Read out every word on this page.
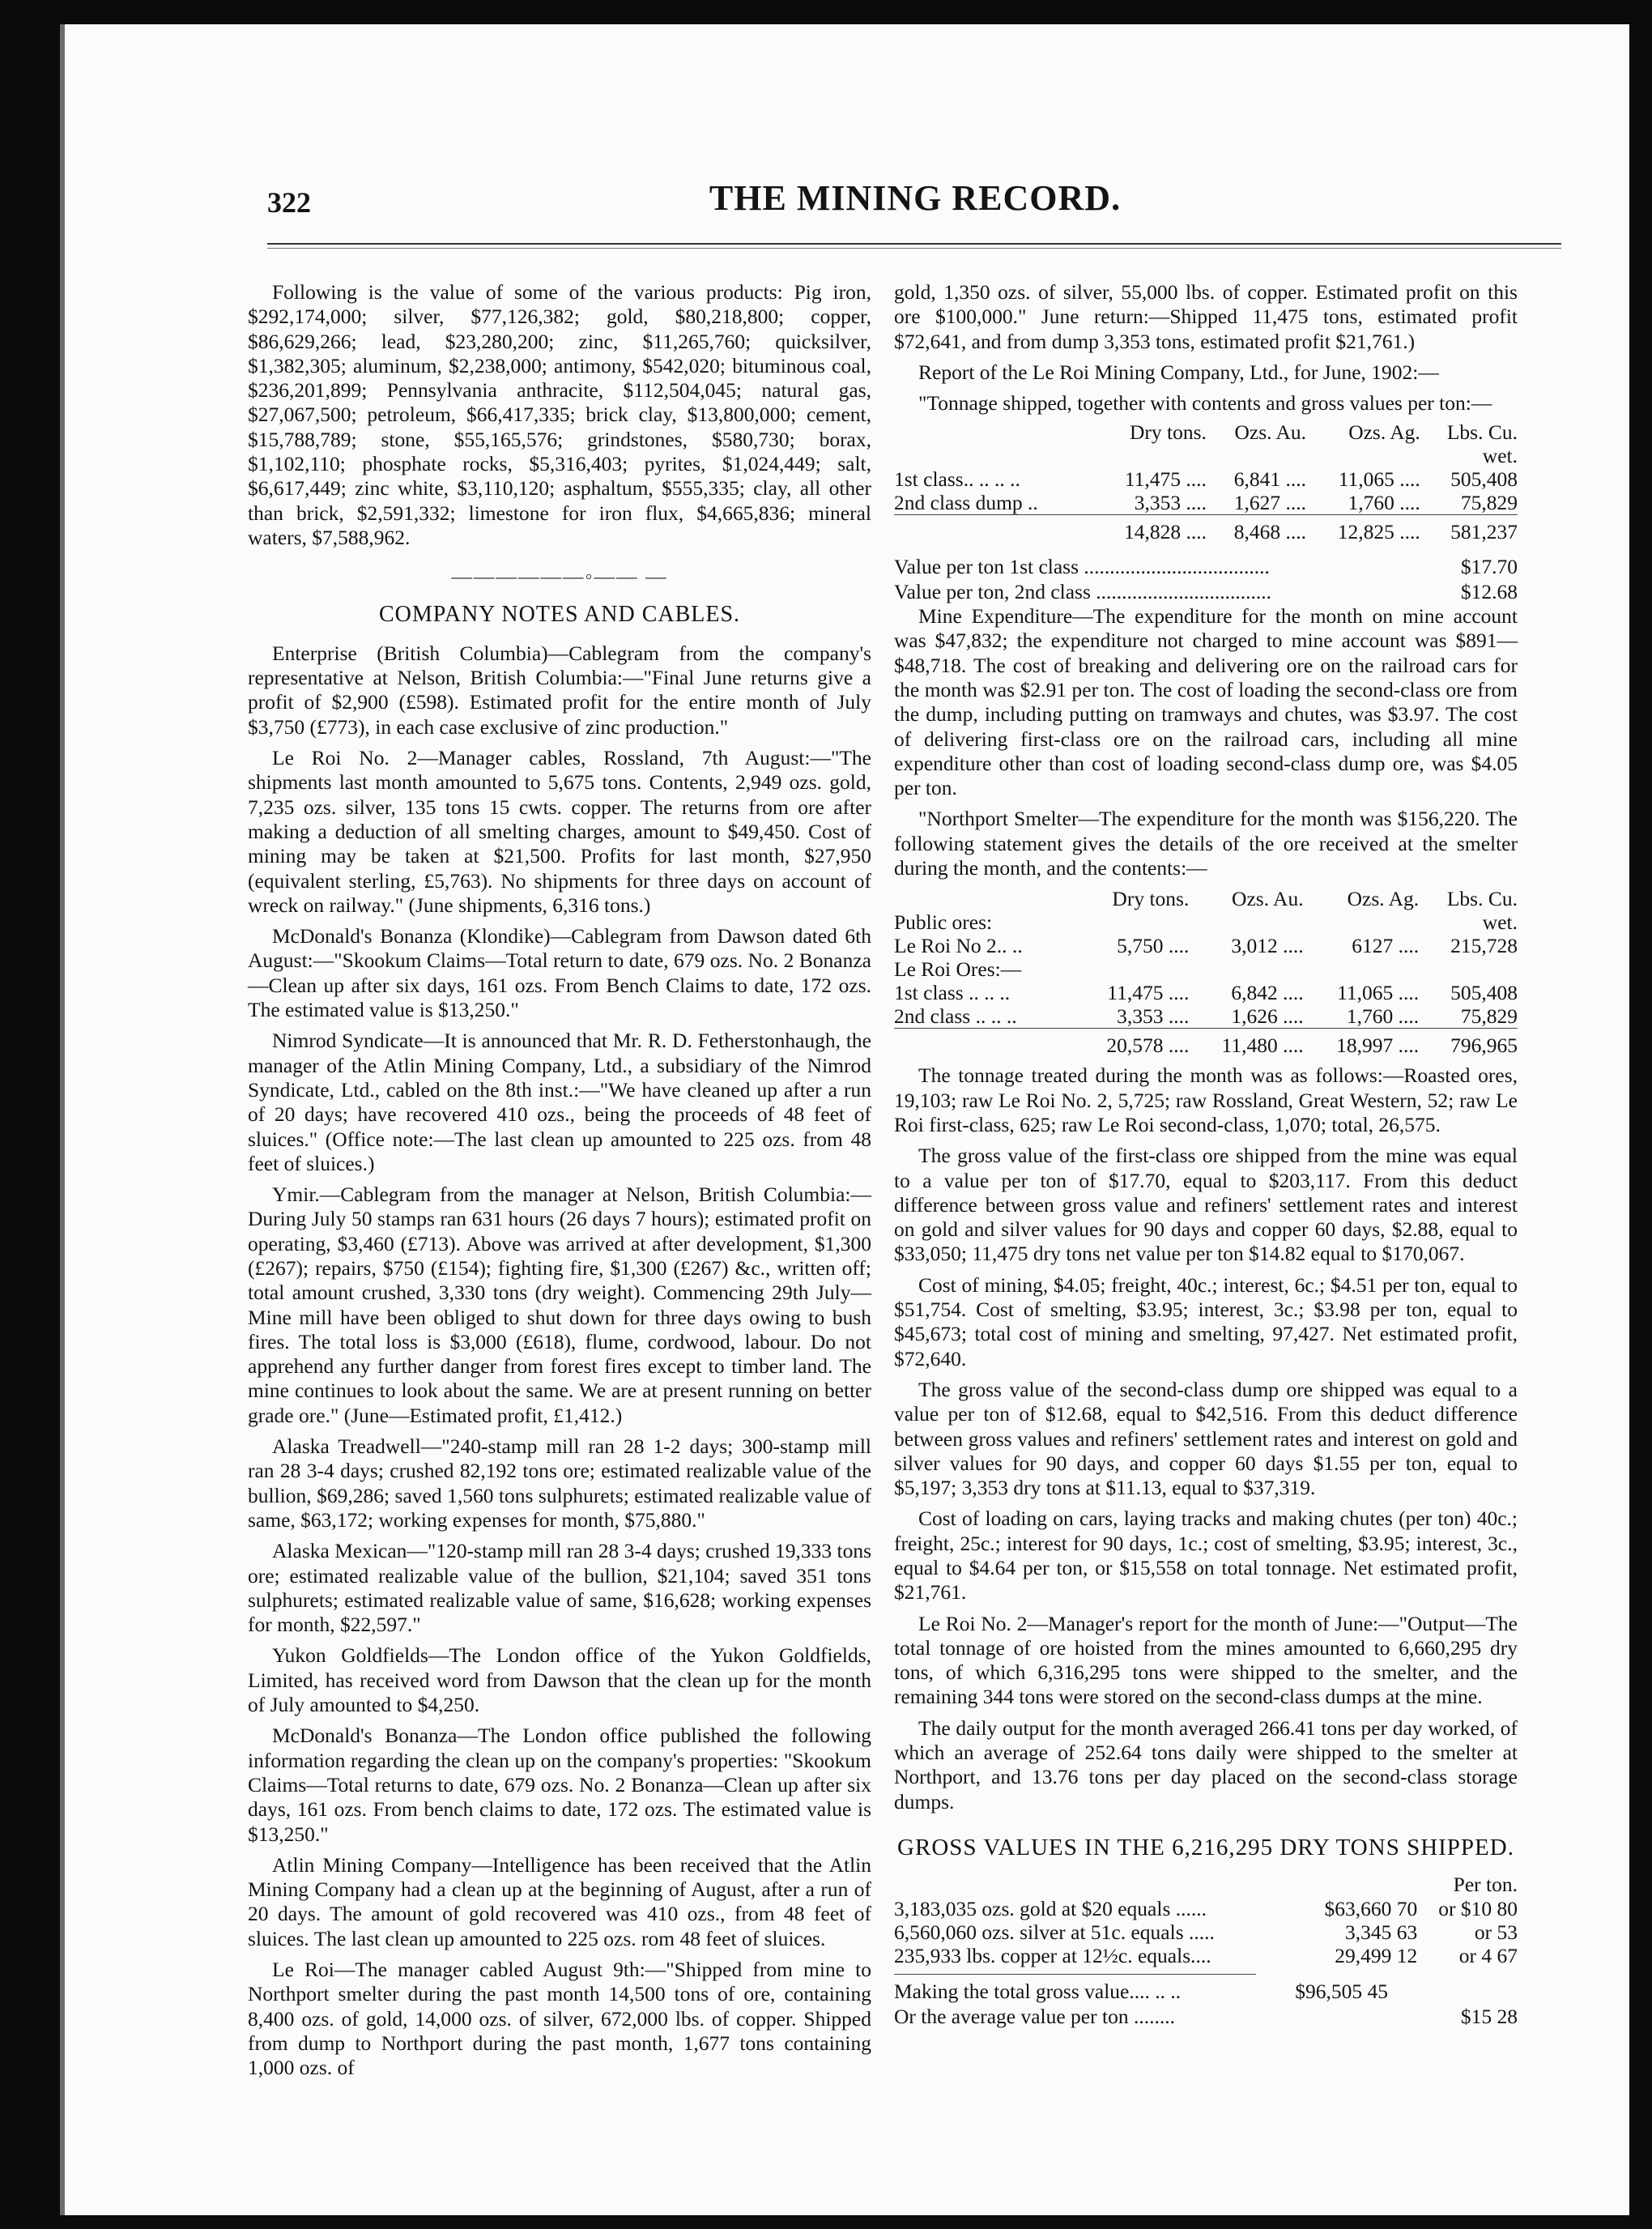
322	THE MINING RECORD.

Following is the value of some of the various products: Pig iron, $292,174,000; silver, $77,126,382; gold, $80,218,800; copper, $86,629,266; lead, $23,280,200; zinc, $11,265,760; quicksilver, $1,382,305; aluminum, $2,238,000; antimony, $542,020; bituminous coal, $236,201,899; Pennsylvania anthracite, $112,504,045; natural gas, $27,067,500; petroleum, $66,417,335; brick clay, $13,800,000; cement, $15,788,789; stone, $55,165,576; grindstones, $580,730; borax, $1,102,110; phosphate rocks, $5,316,403; pyrites, $1,024,449; salt, $6,617,449; zinc white, $3,110,120; asphaltum, $555,335; clay, all other than brick, $2,591,332; limestone for iron flux, $4,665,836; mineral waters, $7,588,962.

——————◦—— —
COMPANY NOTES AND CABLES.

Enterprise (British Columbia)—Cablegram from the company's representative at Nelson, British Columbia:—"Final June returns give a profit of $2,900 (£598). Estimated profit for the entire month of July $3,750 (£773), in each case exclusive of zinc production."

Le Roi No. 2—Manager cables, Rossland, 7th August:—"The shipments last month amounted to 5,675 tons. Contents, 2,949 ozs. gold, 7,235 ozs. silver, 135 tons 15 cwts. copper. The returns from ore after making a deduction of all smelting charges, amount to $49,450. Cost of mining may be taken at $21,500. Profits for last month, $27,950 (equivalent sterling, £5,763). No shipments for three days on account of wreck on railway." (June shipments, 6,316 tons.)

McDonald's Bonanza (Klondike)—Cablegram from Dawson dated 6th August:—"Skookum Claims—Total return to date, 679 ozs. No. 2 Bonanza—Clean up after six days, 161 ozs. From Bench Claims to date, 172 ozs. The estimated value is $13,250."

Nimrod Syndicate—It is announced that Mr. R. D. Fetherstonhaugh, the manager of the Atlin Mining Company, Ltd., a subsidiary of the Nimrod Syndicate, Ltd., cabled on the 8th inst.:—"We have cleaned up after a run of 20 days; have recovered 410 ozs., being the proceeds of 48 feet of sluices." (Office note:—The last clean up amounted to 225 ozs. from 48 feet of sluices.)

Ymir.—Cablegram from the manager at Nelson, British Columbia:—During July 50 stamps ran 631 hours (26 days 7 hours); estimated profit on operating, $3,460 (£713). Above was arrived at after development, $1,300 (£267); repairs, $750 (£154); fighting fire, $1,300 (£267) &c., written off; total amount crushed, 3,330 tons (dry weight). Commencing 29th July—Mine mill have been obliged to shut down for three days owing to bush fires. The total loss is $3,000 (£618), flume, cordwood, labour. Do not apprehend any further danger from forest fires except to timber land. The mine continues to look about the same. We are at present running on better grade ore." (June—Estimated profit, £1,412.)

Alaska Treadwell—"240-stamp mill ran 28 1-2 days; 300-stamp mill ran 28 3-4 days; crushed 82,192 tons ore; estimated realizable value of the bullion, $69,286; saved 1,560 tons sulphurets; estimated realizable value of same, $63,172; working expenses for month, $75,880."

Alaska Mexican—"120-stamp mill ran 28 3-4 days; crushed 19,333 tons ore; estimated realizable value of the bullion, $21,104; saved 351 tons sulphurets; estimated realizable value of same, $16,628; working expenses for month, $22,597."

Yukon Goldfields—The London office of the Yukon Goldfields, Limited, has received word from Dawson that the clean up for the month of July amounted to $4,250.

McDonald's Bonanza—The London office published the following information regarding the clean up on the company's properties: "Skookum Claims—Total returns to date, 679 ozs. No. 2 Bonanza—Clean up after six days, 161 ozs. From bench claims to date, 172 ozs. The estimated value is $13,250."

Atlin Mining Company—Intelligence has been received that the Atlin Mining Company had a clean up at the beginning of August, after a run of 20 days. The amount of gold recovered was 410 ozs., from 48 feet of sluices. The last clean up amounted to 225 ozs. rom 48 feet of sluices.

Le Roi—The manager cabled August 9th:—"Shipped from mine to Northport smelter during the past month 14,500 tons of ore, containing 8,400 ozs. of gold, 14,000 ozs. of silver, 672,000 lbs. of copper. Shipped from dump to Northport during the past month, 1,677 tons containing 1,000 ozs. of

gold, 1,350 ozs. of silver, 55,000 lbs. of copper. Estimated profit on this ore $100,000." June return:—Shipped 11,475 tons, estimated profit $72,641, and from dump 3,353 tons, estimated profit $21,761.)

Report of the Le Roi Mining Company, Ltd., for June, 1902:—

"Tonnage shipped, together with contents and gross values per ton:—

	Dry tons.	Ozs. Au.	Ozs. Ag.	Lbs. Cu.
				wet.
1st class.. .. .. ..	11,475 ....	6,841 ....	11,065 ....	505,408
2nd class dump ..	3,353 ....	1,627 ....	1,760 ....	75,829

	14,828 ....	8,468 ....	12,825 ....	581,237
Value per ton 1st class ....................................	$17.70
Value per ton, 2nd class ..................................	$12.68

Mine Expenditure—The expenditure for the month on mine account was $47,832; the expenditure not charged to mine account was $891—$48,718. The cost of breaking and delivering ore on the railroad cars for the month was $2.91 per ton. The cost of loading the second-class ore from the dump, including putting on tramways and chutes, was $3.97. The cost of delivering first-class ore on the railroad cars, including all mine expenditure other than cost of loading second-class dump ore, was $4.05 per ton.

"Northport Smelter—The expenditure for the month was $156,220. The following statement gives the details of the ore received at the smelter during the month, and the contents:—

	Dry tons.	Ozs. Au.	Ozs. Ag.	Lbs. Cu.
Public ores:				wet.
Le Roi No 2.. ..	5,750 ....	3,012 ....	6127 ....	215,728
Le Roi Ores:—				
1st class .. .. ..	11,475 ....	6,842 ....	11,065 ....	505,408
2nd class .. .. ..	3,353 ....	1,626 ....	1,760 ....	75,829

	20,578 ....	11,480 ....	18,997 ....	796,965

The tonnage treated during the month was as follows:—Roasted ores, 19,103; raw Le Roi No. 2, 5,725; raw Rossland, Great Western, 52; raw Le Roi first-class, 625; raw Le Roi second-class, 1,070; total, 26,575.

The gross value of the first-class ore shipped from the mine was equal to a value per ton of $17.70, equal to $203,117. From this deduct difference between gross value and refiners' settlement rates and interest on gold and silver values for 90 days and copper 60 days, $2.88, equal to $33,050; 11,475 dry tons net value per ton $14.82 equal to $170,067.

Cost of mining, $4.05; freight, 40c.; interest, 6c.; $4.51 per ton, equal to $51,754. Cost of smelting, $3.95; interest, 3c.; $3.98 per ton, equal to $45,673; total cost of mining and smelting, 97,427. Net estimated profit, $72,640.

The gross value of the second-class dump ore shipped was equal to a value per ton of $12.68, equal to $42,516. From this deduct difference between gross values and refiners' settlement rates and interest on gold and silver values for 90 days, and copper 60 days $1.55 per ton, equal to $5,197; 3,353 dry tons at $11.13, equal to $37,319.

Cost of loading on cars, laying tracks and making chutes (per ton) 40c.; freight, 25c.; interest for 90 days, 1c.; cost of smelting, $3.95; interest, 3c., equal to $4.64 per ton, or $15,558 on total tonnage. Net estimated profit, $21,761.

Le Roi No. 2—Manager's report for the month of June:—"Output—The total tonnage of ore hoisted from the mines amounted to 6,660,295 dry tons, of which 6,316,295 tons were shipped to the smelter, and the remaining 344 tons were stored on the second-class dumps at the mine.

The daily output for the month averaged 266.41 tons per day worked, of which an average of 252.64 tons daily were shipped to the smelter at Northport, and 13.76 tons per day placed on the second-class storage dumps.

GROSS VALUES IN THE 6,216,295 DRY TONS SHIPPED.
Per ton.
3,183,035 ozs. gold at $20 equals ......	$63,660 70	or $10 80
6,560,060 ozs. silver at 51c. equals .....	3,345 63	or 53
235,933 lbs. copper at 12½c. equals....	29,499 12	or 4 67
Making the total gross value.... .. ..	$96,505 45
Or the average value per ton ........	$15 28
